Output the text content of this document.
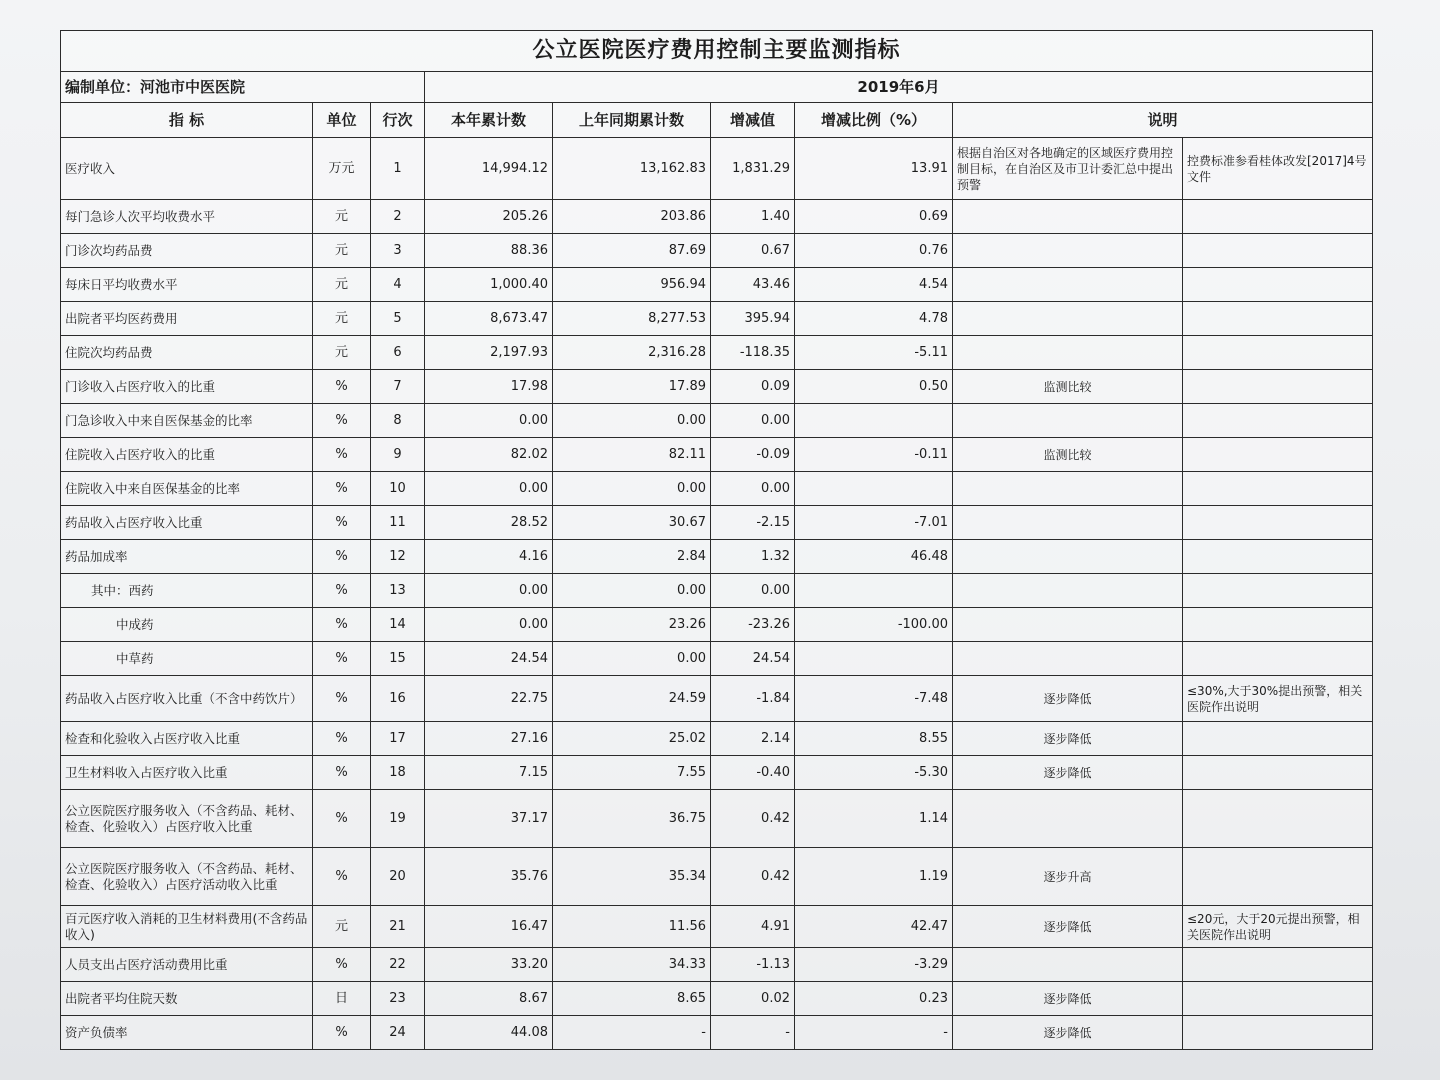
公立医院医疗费用控制主要监测指标								
编制单位：河池市中医医院			2019年6月					
指 标	单位	行次	本年累计数	上年同期累计数	增减值	增减比例（%）	说明	
医疗收入	万元	1	14,994.12	13,162.83	1,831.29	13.91	根据自治区对各地确定的区域医疗费用控制目标，在自治区及市卫计委汇总中提出预警	控费标准参看桂体改发[2017]4号文件
每门急诊人次平均收费水平	元	2	205.26	203.86	1.40	0.69		
门诊次均药品费	元	3	88.36	87.69	0.67	0.76		
每床日平均收费水平	元	4	1,000.40	956.94	43.46	4.54		
出院者平均医药费用	元	5	8,673.47	8,277.53	395.94	4.78		
住院次均药品费	元	6	2,197.93	2,316.28	-118.35	-5.11		
门诊收入占医疗收入的比重	%	7	17.98	17.89	0.09	0.50	监测比较	
门急诊收入中来自医保基金的比率	%	8	0.00	0.00	0.00			
住院收入占医疗收入的比重	%	9	82.02	82.11	-0.09	-0.11	监测比较	
住院收入中来自医保基金的比率	%	10	0.00	0.00	0.00			
药品收入占医疗收入比重	%	11	28.52	30.67	-2.15	-7.01		
药品加成率	%	12	4.16	2.84	1.32	46.48		
其中：西药	%	13	0.00	0.00	0.00			
中成药	%	14	0.00	23.26	-23.26	-100.00		
中草药	%	15	24.54	0.00	24.54			
药品收入占医疗收入比重（不含中药饮片）	%	16	22.75	24.59	-1.84	-7.48	逐步降低	≤30%,大于30%提出预警，相关医院作出说明
检查和化验收入占医疗收入比重	%	17	27.16	25.02	2.14	8.55	逐步降低	
卫生材料收入占医疗收入比重	%	18	7.15	7.55	-0.40	-5.30	逐步降低	
公立医院医疗服务收入（不含药品、耗材、检查、化验收入）占医疗收入比重	%	19	37.17	36.75	0.42	1.14		
公立医院医疗服务收入（不含药品、耗材、检查、化验收入）占医疗活动收入比重	%	20	35.76	35.34	0.42	1.19	逐步升高	
百元医疗收入消耗的卫生材料费用(不含药品收入)	元	21	16.47	11.56	4.91	42.47	逐步降低	≤20元，大于20元提出预警，相关医院作出说明
人员支出占医疗活动费用比重	%	22	33.20	34.33	-1.13	-3.29		
出院者平均住院天数	日	23	8.67	8.65	0.02	0.23	逐步降低	
资产负债率	%	24	44.08	-	-	-	逐步降低	
